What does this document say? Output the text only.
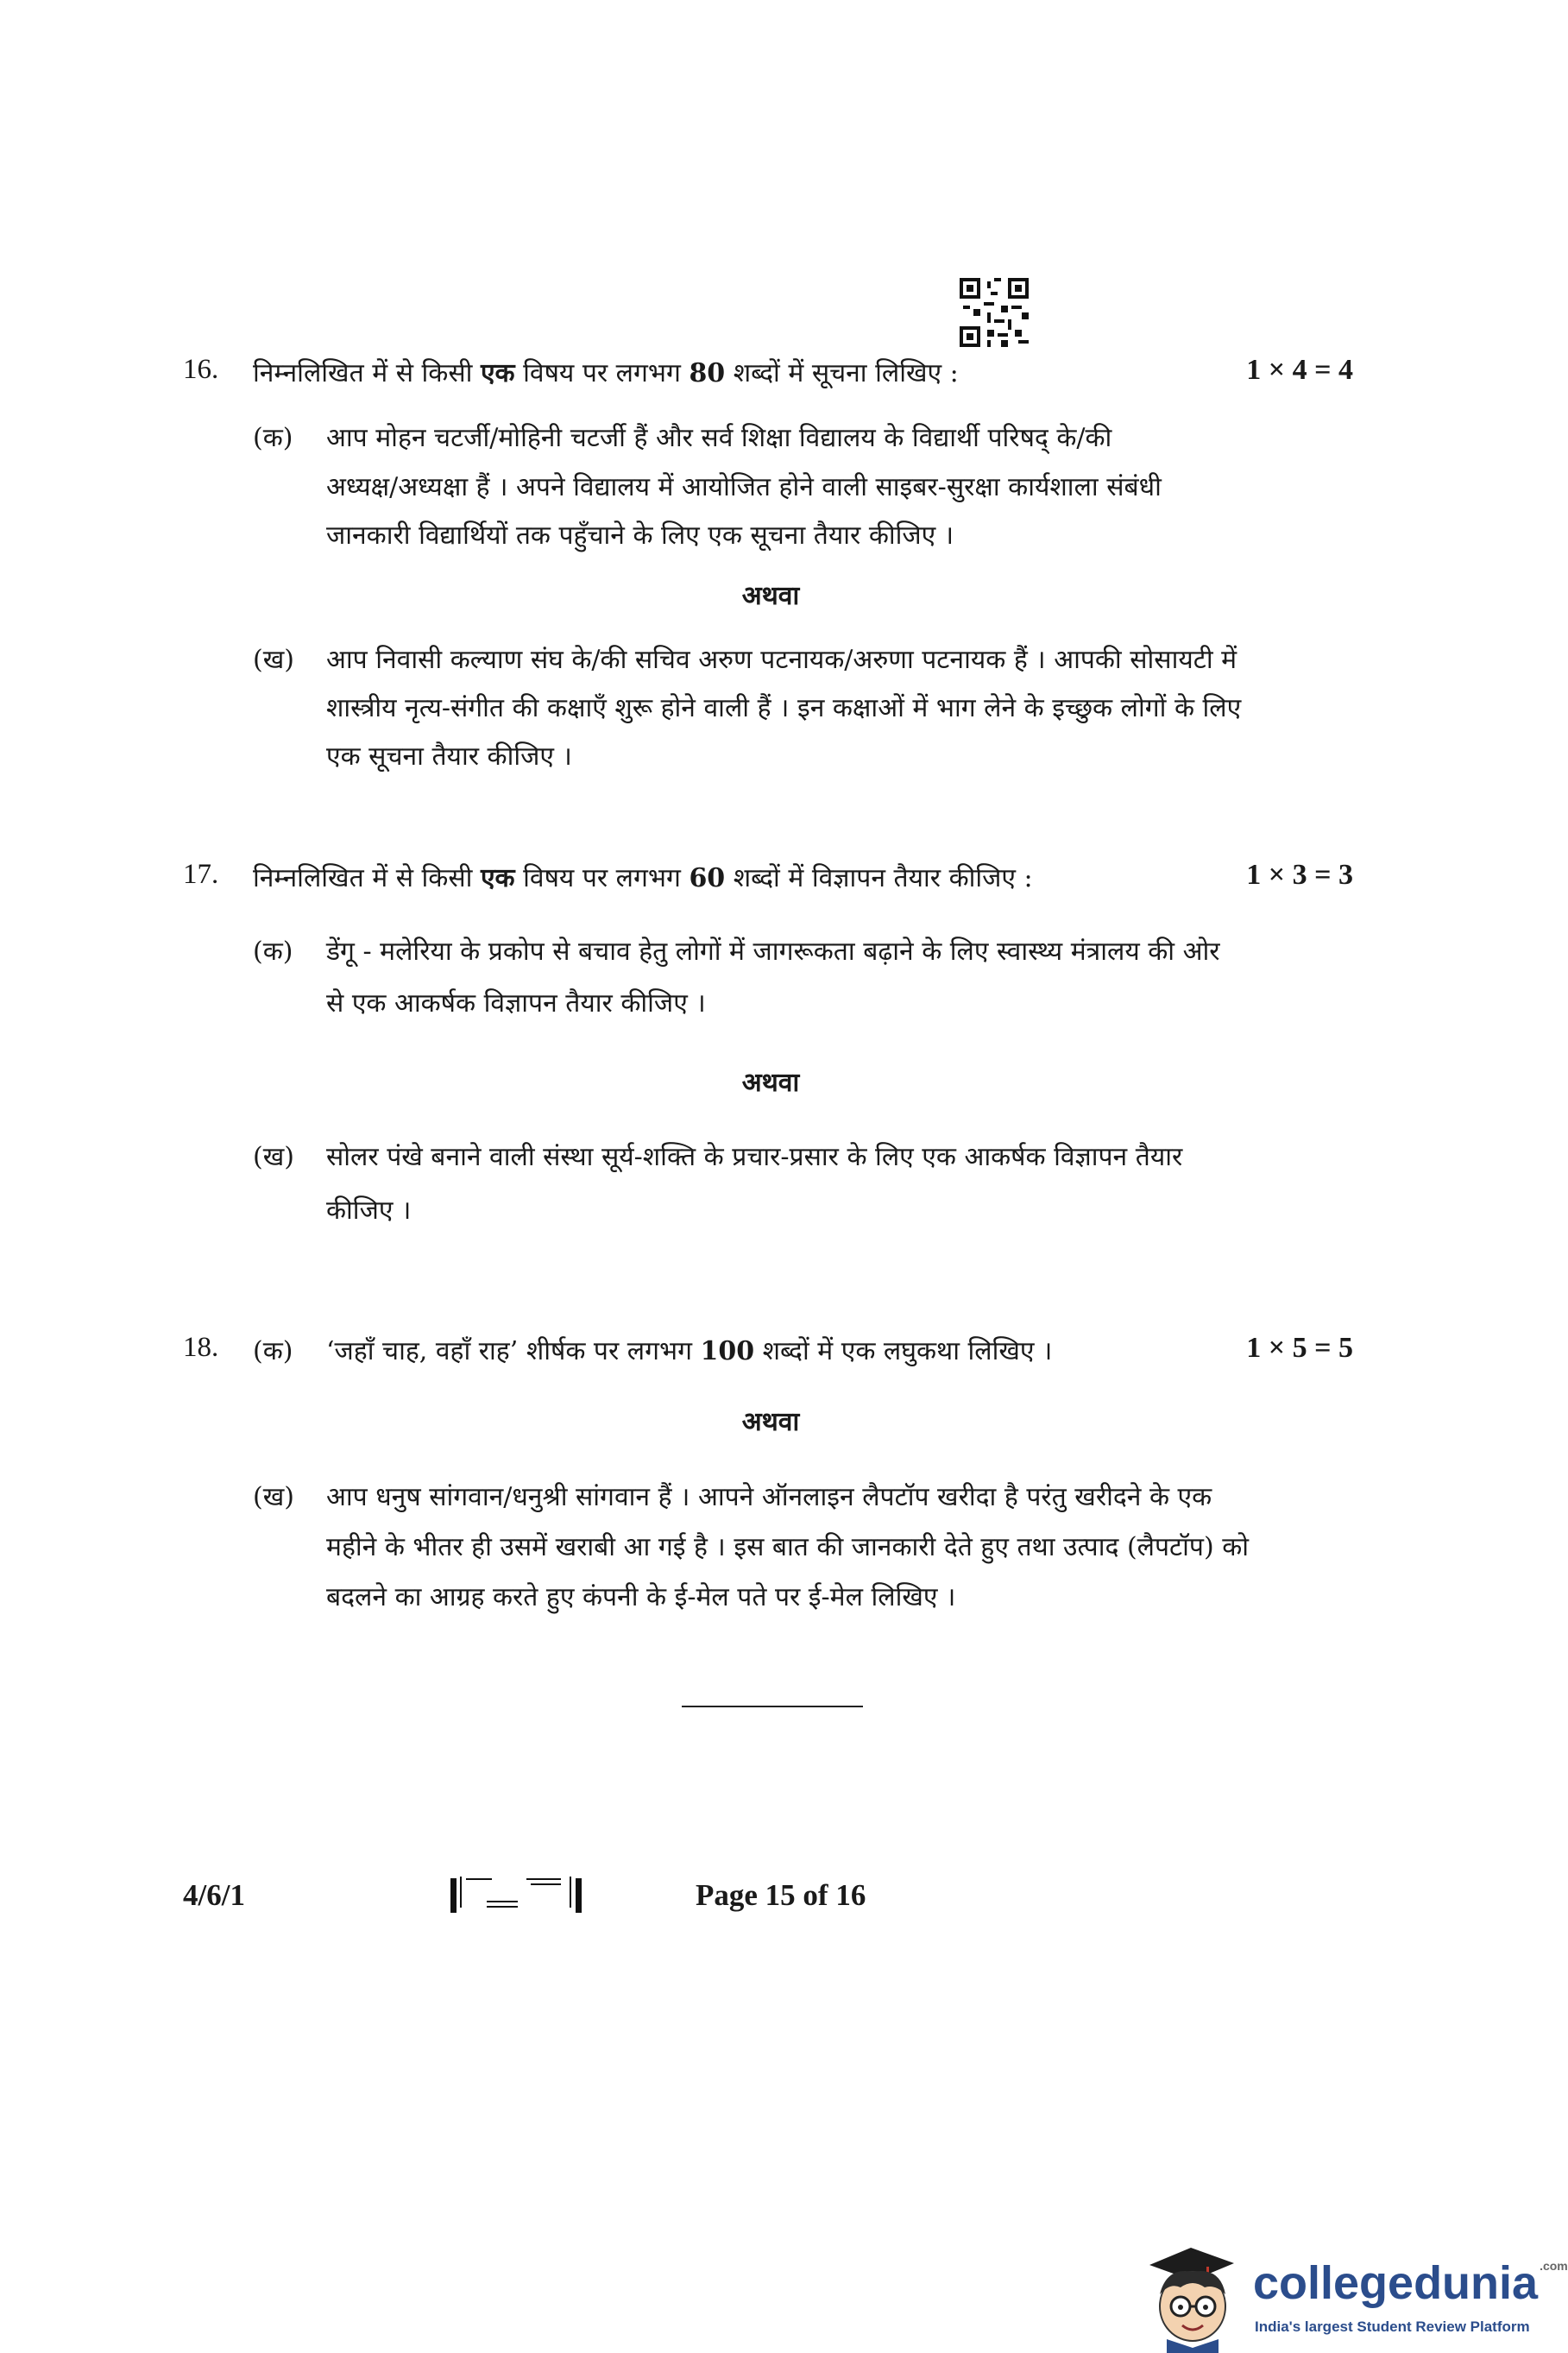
16. निम्नलिखित में से किसी एक विषय पर लगभग 80 शब्दों में सूचना लिखिए :	1 × 4 = 4
(क) आप मोहन चटर्जी/मोहिनी चटर्जी हैं और सर्व शिक्षा विद्यालय के विद्यार्थी परिषद् के/की
अध्यक्ष/अध्यक्षा हैं । अपने विद्यालय में आयोजित होने वाली साइबर-सुरक्षा कार्यशाला संबंधी
जानकारी विद्यार्थियों तक पहुँचाने के लिए एक सूचना तैयार कीजिए ।
अथवा
(ख) आप निवासी कल्याण संघ के/की सचिव अरुण पटनायक/अरुणा पटनायक हैं । आपकी सोसायटी में
शास्त्रीय नृत्य-संगीत की कक्षाएँ शुरू होने वाली हैं । इन कक्षाओं में भाग लेने के इच्छुक लोगों के लिए
एक सूचना तैयार कीजिए ।
17. निम्नलिखित में से किसी एक विषय पर लगभग 60 शब्दों में विज्ञापन तैयार कीजिए :	1 × 3 = 3
(क) डेंगू - मलेरिया के प्रकोप से बचाव हेतु लोगों में जागरूकता बढ़ाने के लिए स्वास्थ्य मंत्रालय की ओर
से एक आकर्षक विज्ञापन तैयार कीजिए ।
अथवा
(ख) सोलर पंखे बनाने वाली संस्था सूर्य-शक्ति के प्रचार-प्रसार के लिए एक आकर्षक विज्ञापन तैयार
कीजिए ।
18. (क) ‘जहाँ चाह, वहाँ राह’ शीर्षक पर लगभग 100 शब्दों में एक लघुकथा लिखिए ।	1 × 5 = 5
अथवा
(ख) आप धनुष सांगवान/धनुश्री सांगवान हैं । आपने ऑनलाइन लैपटॉप खरीदा है परंतु खरीदने के एक
महीने के भीतर ही उसमें खराबी आ गई है । इस बात की जानकारी देते हुए तथा उत्पाद (लैपटॉप) को
बदलने का आग्रह करते हुए कंपनी के ई-मेल पते पर ई-मेल लिखिए ।
4/6/1	Page 15 of 16
collegedunia $^{.com}$
India's largest Student Review Platform
